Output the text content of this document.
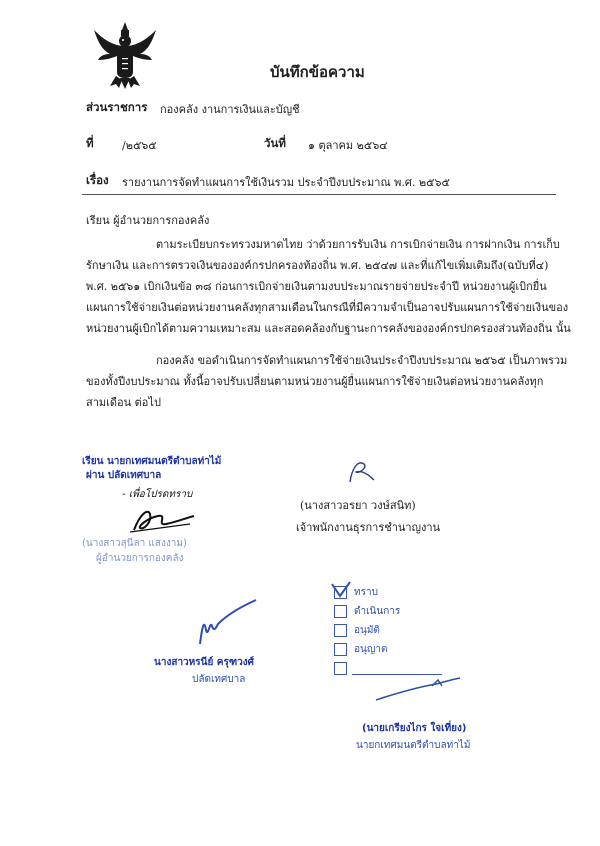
บันทึกข้อความ
ส่วนราชการ กองคลัง งานการเงินและบัญชี
ที่	/๒๕๖๕	วันที่ ๑ ตุลาคม ๒๕๖๔
เรื่อง รายงานการจัดทำแผนการใช้เงินรวม ประจำปีงบประมาณ พ.ศ. ๒๕๖๕
เรียน ผู้อำนวยการกองคลัง
ตามระเบียบกระทรวงมหาดไทย ว่าด้วยการรับเงิน การเบิกจ่ายเงิน การฝากเงิน การเก็บ
รักษาเงิน และการตรวจเงินขององค์กรปกครองท้องถิ่น พ.ศ. ๒๕๔๗ และที่แก้ไขเพิ่มเติมถึง(ฉบับที่๔)
พ.ศ. ๒๕๖๑ เบิกเงินข้อ ๓๘ ก่อนการเบิกจ่ายเงินตามงบประมาณรายจ่ายประจำปี หน่วยงานผู้เบิกยื่น
แผนการใช้จ่ายเงินต่อหน่วยงานคลังทุกสามเดือนในกรณีที่มีความจำเป็นอาจปรับแผนการใช้จ่ายเงินของ
หน่วยงานผู้เบิกได้ตามความเหมาะสม และสอดคล้องกับฐานะการคลังขององค์กรปกครองส่วนท้องถิ่น นั้น
กองคลัง ขอดำเนินการจัดทำแผนการใช้จ่ายเงินประจำปีงบประมาณ ๒๕๖๕ เป็นภาพรวม
ของทั้งปีงบประมาณ ทั้งนี้อาจปรับเปลี่ยนตามหน่วยงานผู้ยื่นแผนการใช้จ่ายเงินต่อหน่วยงานคลังทุก
สามเดือน ต่อไป
เรียน นายกเทศมนตรีตำบลท่าไม้
ผ่าน ปลัดเทศบาล
- เพื่อโปรดทราบ
(นางสาวสุนีลา แสงงาม)
ผู้อำนวยการกองคลัง
(นางสาวอรยา วงษ์สนิท)
เจ้าพนักงานธุรการชำนาญงาน
นางสาวหรนีย์ ครุฑวงศ์
ปลัดเทศบาล
ทราบ
ดำเนินการ
อนุมัติ
อนุญาต
(นายเกรียงไกร ใจเที่ยง)
นายกเทศมนตรีตำบลท่าไม้
